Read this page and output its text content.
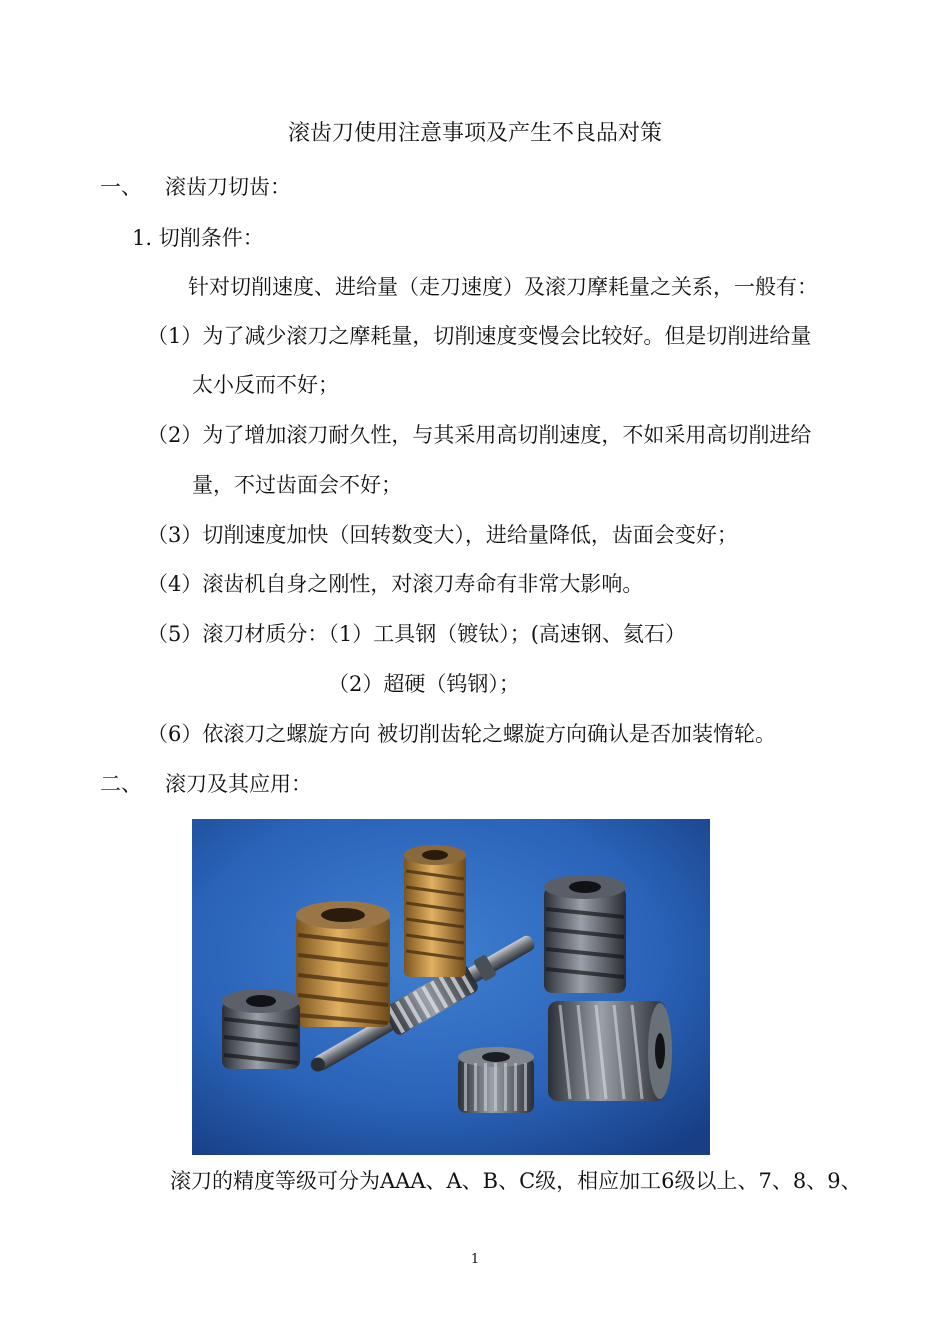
滚齿刀使用注意事项及产生不良品对策
一、 滚齿刀切齿：
1. 切削条件：
针对切削速度、进给量（走刀速度）及滚刀摩耗量之关系，一般有：
（1）为了减少滚刀之摩耗量，切削速度变慢会比较好。但是切削进给量
太小反而不好；
（2）为了增加滚刀耐久性，与其采用高切削速度，不如采用高切削进给
量，不过齿面会不好；
（3）切削速度加快（回转数变大），进给量降低，齿面会变好；
（4）滚齿机自身之刚性，对滚刀寿命有非常大影响。
（5）滚刀材质分：（1）工具钢（镀钛）；(高速钢、氦石）
（2）超硬（钨钢）；
（6）依滚刀之螺旋方向 被切削齿轮之螺旋方向确认是否加装惰轮。
二、 滚刀及其应用：
滚刀的精度等级可分为AAA、A、B、C级，相应加工6级以上、7、8、9、
1
